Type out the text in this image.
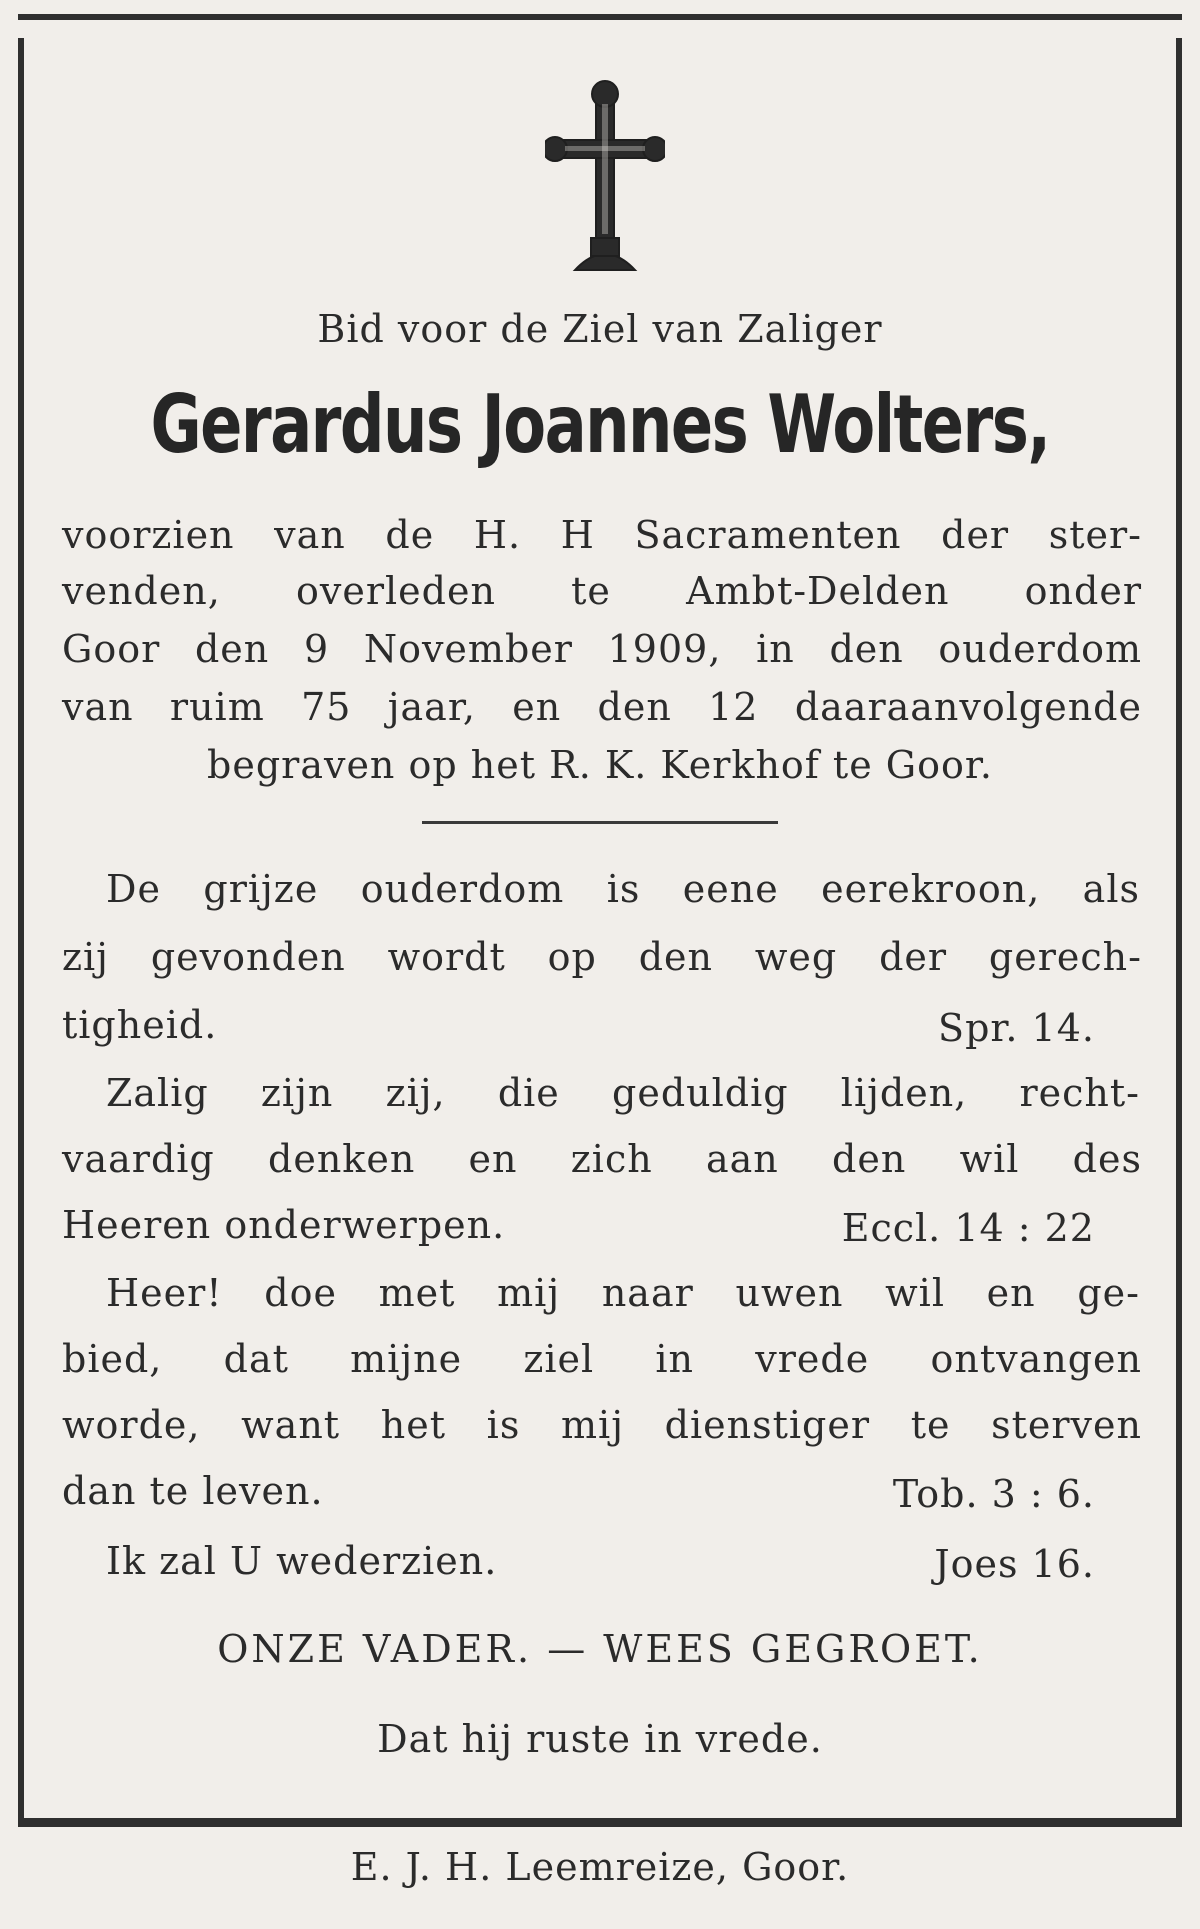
Bid voor de Ziel van Zaliger
Gerardus Joannes Wolters,
voorzien van de H. H Sacramenten der ster-
venden, overleden te Ambt-Delden onder
Goor den 9 November 1909, in den ouderdom
van ruim 75 jaar, en den 12 daaraanvolgende
begraven op het R. K. Kerkhof te Goor.
De grijze ouderdom is eene eerekroon, als
zij gevonden wordt op den weg der gerech-
tigheid.	Spr. 14.
Zalig zijn zij, die geduldig lijden, recht-
vaardig denken en zich aan den wil des
Heeren onderwerpen.	Eccl. 14 : 22
Heer! doe met mij naar uwen wil en ge-
bied, dat mijne ziel in vrede ontvangen
worde, want het is mij dienstiger te sterven
dan te leven.	Tob. 3 : 6.
Ik zal U wederzien.	Joes 16.
ONZE VADER. — WEES GEGROET.
Dat hij ruste in vrede.
E. J. H. Leemreize, Goor.
